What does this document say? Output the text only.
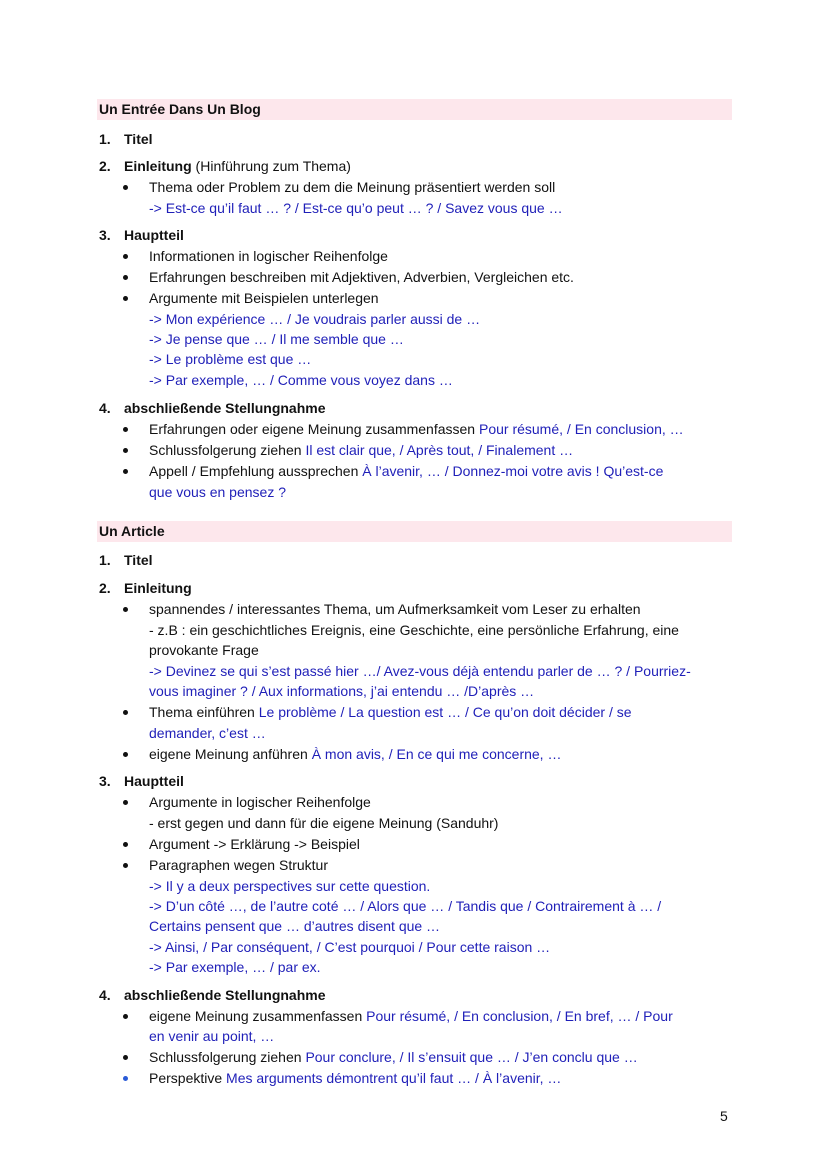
Un Entrée Dans Un Blog
1. Titel
2. Einleitung (Hinführung zum Thema)
Thema oder Problem zu dem die Meinung präsentiert werden soll
-> Est-ce qu’il faut … ? / Est-ce qu’o peut … ? / Savez vous que …
3. Hauptteil
Informationen in logischer Reihenfolge
Erfahrungen beschreiben mit Adjektiven, Adverbien, Vergleichen etc.
Argumente mit Beispielen unterlegen
-> Mon expérience … / Je voudrais parler aussi de …
-> Je pense que … / Il me semble que …
-> Le problème est que …
-> Par exemple, … / Comme vous voyez dans …
4. abschließende Stellungnahme
Erfahrungen oder eigene Meinung zusammenfassen Pour résumé, / En conclusion, …
Schlussfolgerung ziehen Il est clair que, / Après tout, / Finalement …
Appell / Empfehlung aussprechen À l’avenir, … / Donnez-moi votre avis ! Qu’est-ce
que vous en pensez ?
Un Article
1. Titel
2. Einleitung
spannendes / interessantes Thema, um Aufmerksamkeit vom Leser zu erhalten
- z.B : ein geschichtliches Ereignis, eine Geschichte, eine persönliche Erfahrung, eine
provokante Frage
-> Devinez se qui s’est passé hier …/ Avez-vous déjà entendu parler de … ? / Pourriez-
vous imaginer ? / Aux informations, j’ai entendu … /D’après …
Thema einführen Le problème / La question est … / Ce qu’on doit décider / se
demander, c’est …
eigene Meinung anführen À mon avis, / En ce qui me concerne, …
3. Hauptteil
Argumente in logischer Reihenfolge
- erst gegen und dann für die eigene Meinung (Sanduhr)
Argument -> Erklärung -> Beispiel
Paragraphen wegen Struktur
-> Il y a deux perspectives sur cette question.
-> D’un côté …, de l’autre coté … / Alors que … / Tandis que / Contrairement à … /
Certains pensent que … d’autres disent que …
-> Ainsi, / Par conséquent, / C’est pourquoi / Pour cette raison …
-> Par exemple, … / par ex.
4. abschließende Stellungnahme
eigene Meinung zusammenfassen Pour résumé, / En conclusion, / En bref, … / Pour
en venir au point, …
Schlussfolgerung ziehen Pour conclure, / Il s’ensuit que … / J’en conclu que …
Perspektive Mes arguments démontrent qu’il faut … / À l’avenir, …
5
